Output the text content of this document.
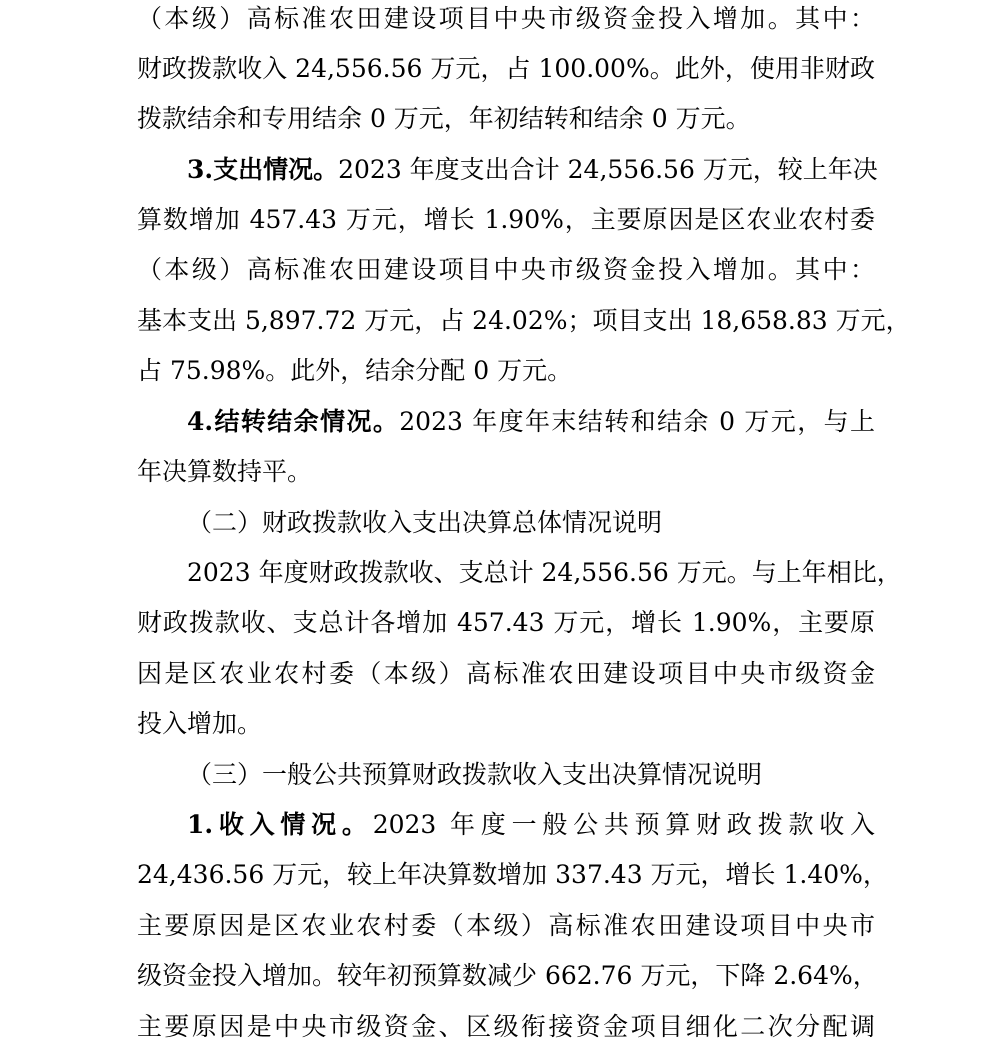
（本级）高标准农田建设项目中央市级资金投入增加。其中：
财政拨款收入 24,556.56 万元，占 100.00%。此外，使用非财政
拨款结余和专用结余 0 万元，年初结转和结余 0 万元。
3.支出情况。2023 年度支出合计 24,556.56 万元，较上年决
算数增加 457.43 万元，增长 1.90%，主要原因是区农业农村委
（本级）高标准农田建设项目中央市级资金投入增加。其中：
基本支出 5,897.72 万元，占 24.02%；项目支出 18,658.83 万元，
占 75.98%。此外，结余分配 0 万元。
4.结转结余情况。2023 年度年末结转和结余 0 万元，与上
年决算数持平。
（二）财政拨款收入支出决算总体情况说明
2023 年度财政拨款收、支总计 24,556.56 万元。与上年相比，
财政拨款收、支总计各增加 457.43 万元，增长 1.90%，主要原
因是区农业农村委（本级）高标准农田建设项目中央市级资金
投入增加。
（三）一般公共预算财政拨款收入支出决算情况说明
1.收入情况。2023 年度一般公共预算财政拨款收入
24,436.56 万元，较上年决算数增加 337.43 万元，增长 1.40%，
主要原因是区农业农村委（本级）高标准农田建设项目中央市
级资金投入增加。较年初预算数减少 662.76 万元，下降 2.64%，
主要原因是中央市级资金、区级衔接资金项目细化二次分配调
